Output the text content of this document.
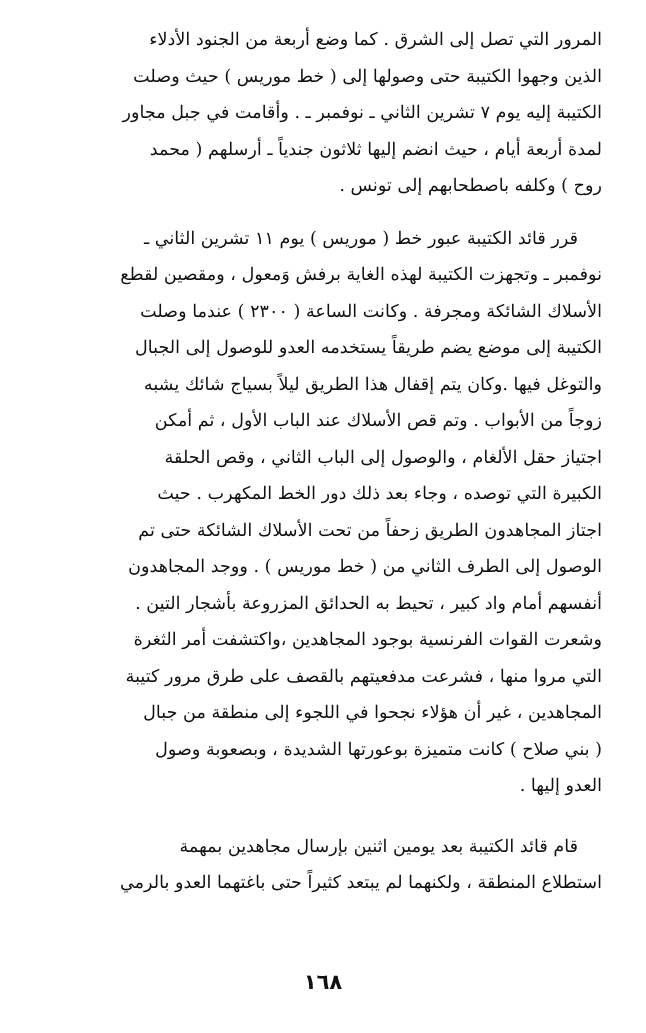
المرور التي تصل إلى الشرق . كما وضع أربعة من الجنود الأدلاء
الذين وجهوا الكتيبة حتى وصولها إلى ( خط موريس ) حيث وصلت
الكتيبة إليه يوم ٧ تشرين الثاني ـ نوفمبر ـ . وأقامت في جبل مجاور
لمدة أربعة أيام ، حيث انضم إليها ثلاثون جندياً ـ أرسلهم ( محمد
روح ) وكلفه باصطحابهم إلى تونس .
قرر قائد الكتيبة عبور خط ( موريس ) يوم ١١ تشرين الثاني ـ
نوفمبر ـ وتجهزت الكتيبة لهذه الغاية برفش وَمعول ، ومقصين لقطع
الأسلاك الشائكة ومجرفة . وكانت الساعة ( ٢٣٠٠ ) عندما وصلت
الكتيبة إلى موضع يضم طريقاً يستخدمه العدو للوصول إلى الجبال
والتوغل فيها .وكان يتم إقفال هذا الطريق ليلاً بسياج شائك يشبه
زوجاً من الأبواب . وتم قص الأسلاك عند الباب الأول ، ثم أمكن
اجتياز حقل الألغام ، والوصول إلى الباب الثاني ، وقص الحلقة
الكبيرة التي توصده ، وجاء بعد ذلك دور الخط المكهرب . حيث
اجتاز المجاهدون الطريق زحفاً من تحت الأسلاك الشائكة حتى تم
الوصول إلى الطرف الثاني من ( خط موريس ) . ووجد المجاهدون
أنفسهم أمام واد كبير ، تحيط به الحدائق المزروعة بأشجار التين .
وشعرت القوات الفرنسية بوجود المجاهدين ،واكتشفت أمر الثغرة
التي مروا منها ، فشرعت مدفعيتهم بالقصف على طرق مرور كتيبة
المجاهدين ، غير أن هؤلاء نجحوا في اللجوء إلى منطقة من جبال
( بني صلاح ) كانت متميزة بوعورتها الشديدة ، وبصعوبة وصول
العدو إليها .
قام قائد الكتيبة بعد يومين اثنين بإرسال مجاهدين بمهمة
استطلاع المنطقة ، ولكنهما لم يبتعد كثيراً حتى باغتهما العدو بالرمي
١٦٨
